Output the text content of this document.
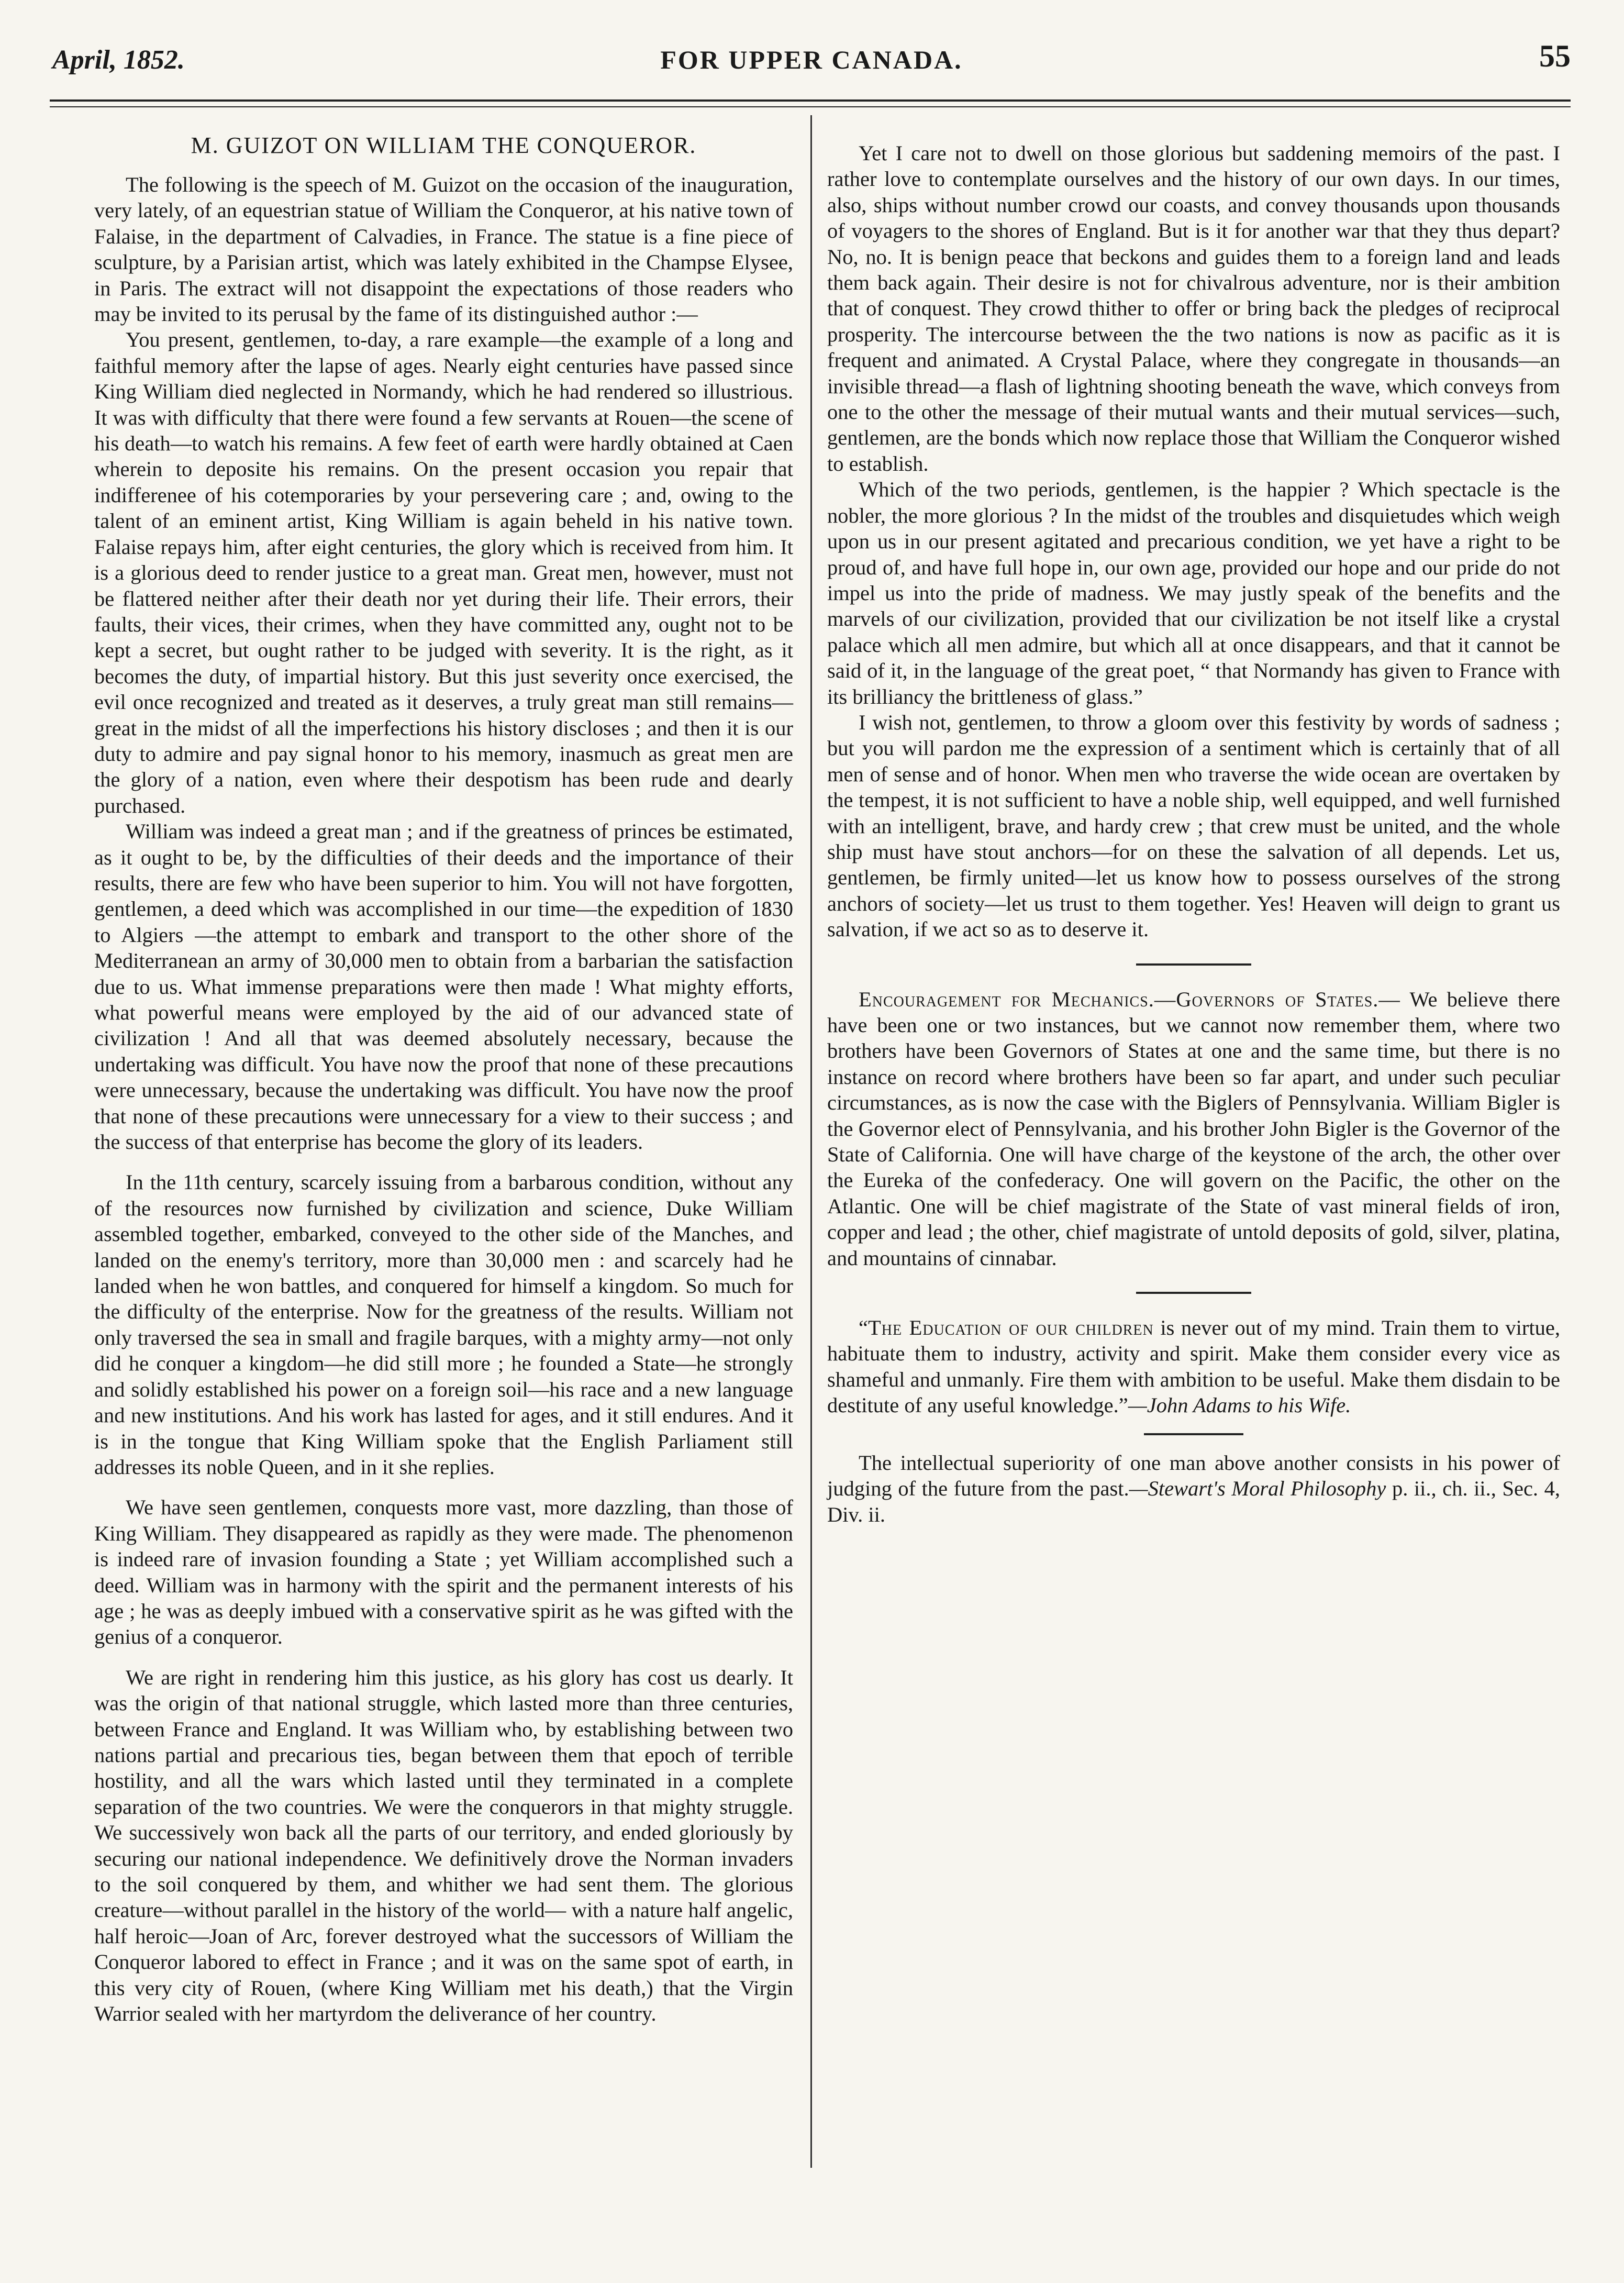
April, 1852.	FOR UPPER CANADA.	55
M. GUIZOT ON WILLIAM THE CONQUEROR.

The following is the speech of M. Guizot on the occasion of the inauguration, very lately, of an equestrian statue of William the Conqueror, at his native town of Falaise, in the department of Calvadies, in France. The statue is a fine piece of sculpture, by a Parisian artist, which was lately exhibited in the Champse Elysee, in Paris. The extract will not disappoint the expectations of those readers who may be invited to its perusal by the fame of its distinguished author :—

You present, gentlemen, to-day, a rare example—the example of a long and faithful memory after the lapse of ages. Nearly eight centuries have passed since King William died neglected in Normandy, which he had rendered so illustrious. It was with difficulty that there were found a few servants at Rouen—the scene of his death—to watch his remains. A few feet of earth were hardly obtained at Caen wherein to deposite his remains. On the present occasion you repair that indifferenee of his cotemporaries by your persevering care ; and, owing to the talent of an eminent artist, King William is again beheld in his native town. Falaise repays him, after eight centuries, the glory which is received from him. It is a glorious deed to render justice to a great man. Great men, however, must not be flattered neither after their death nor yet during their life. Their errors, their faults, their vices, their crimes, when they have committed any, ought not to be kept a secret, but ought rather to be judged with severity. It is the right, as it becomes the duty, of impartial history. But this just severity once exercised, the evil once recognized and treated as it deserves, a truly great man still remains—great in the midst of all the imperfections his history discloses ; and then it is our duty to admire and pay signal honor to his memory, inasmuch as great men are the glory of a nation, even where their despotism has been rude and dearly purchased.

William was indeed a great man ; and if the greatness of princes be estimated, as it ought to be, by the difficulties of their deeds and the importance of their results, there are few who have been superior to him. You will not have forgotten, gentlemen, a deed which was accomplished in our time—the expedition of 1830 to Algiers —the attempt to embark and transport to the other shore of the Mediterranean an army of 30,000 men to obtain from a barbarian the satisfaction due to us. What immense preparations were then made ! What mighty efforts, what powerful means were employed by the aid of our advanced state of civilization ! And all that was deemed absolutely necessary, because the undertaking was difficult. You have now the proof that none of these precautions were unnecessary, because the undertaking was difficult. You have now the proof that none of these precautions were unnecessary for a view to their success ; and the success of that enterprise has become the glory of its leaders.

In the 11th century, scarcely issuing from a barbarous condition, without any of the resources now furnished by civilization and science, Duke William assembled together, embarked, conveyed to the other side of the Manches, and landed on the enemy's territory, more than 30,000 men : and scarcely had he landed when he won battles, and conquered for himself a kingdom. So much for the difficulty of the enterprise. Now for the greatness of the results. William not only traversed the sea in small and fragile barques, with a mighty army—not only did he conquer a kingdom—he did still more ; he founded a State—he strongly and solidly established his power on a foreign soil—his race and a new language and new institutions. And his work has lasted for ages, and it still endures. And it is in the tongue that King William spoke that the English Parliament still addresses its noble Queen, and in it she replies.

We have seen gentlemen, conquests more vast, more dazzling, than those of King William. They disappeared as rapidly as they were made. The phenomenon is indeed rare of invasion founding a State ; yet William accomplished such a deed. William was in harmony with the spirit and the permanent interests of his age ; he was as deeply imbued with a conservative spirit as he was gifted with the genius of a conqueror.

We are right in rendering him this justice, as his glory has cost us dearly. It was the origin of that national struggle, which lasted more than three centuries, between France and England. It was William who, by establishing between two nations partial and precarious ties, began between them that epoch of terrible hostility, and all the wars which lasted until they terminated in a complete separation of the two countries. We were the conquerors in that mighty struggle. We successively won back all the parts of our territory, and ended gloriously by securing our national independence. We definitively drove the Norman invaders to the soil conquered by them, and whither we had sent them. The glorious creature—without parallel in the history of the world— with a nature half angelic, half heroic—Joan of Arc, forever destroyed what the successors of William the Conqueror labored to effect in France ; and it was on the same spot of earth, in this very city of Rouen, (where King William met his death,) that the Virgin Warrior sealed with her martyrdom the deliverance of her country.

Yet I care not to dwell on those glorious but saddening memoirs of the past. I rather love to contemplate ourselves and the history of our own days. In our times, also, ships without number crowd our coasts, and convey thousands upon thousands of voyagers to the shores of England. But is it for another war that they thus depart? No, no. It is benign peace that beckons and guides them to a foreign land and leads them back again. Their desire is not for chivalrous adventure, nor is their ambition that of conquest. They crowd thither to offer or bring back the pledges of reciprocal prosperity. The intercourse between the the two nations is now as pacific as it is frequent and animated. A Crystal Palace, where they congregate in thousands—an invisible thread—a flash of lightning shooting beneath the wave, which conveys from one to the other the message of their mutual wants and their mutual services—such, gentlemen, are the bonds which now replace those that William the Conqueror wished to establish.

Which of the two periods, gentlemen, is the happier ? Which spectacle is the nobler, the more glorious ? In the midst of the troubles and disquietudes which weigh upon us in our present agitated and precarious condition, we yet have a right to be proud of, and have full hope in, our own age, provided our hope and our pride do not impel us into the pride of madness. We may justly speak of the benefits and the marvels of our civilization, provided that our civilization be not itself like a crystal palace which all men admire, but which all at once disappears, and that it cannot be said of it, in the language of the great poet, “ that Normandy has given to France with its brilliancy the brittleness of glass.”

I wish not, gentlemen, to throw a gloom over this festivity by words of sadness ; but you will pardon me the expression of a sentiment which is certainly that of all men of sense and of honor. When men who traverse the wide ocean are overtaken by the tempest, it is not sufficient to have a noble ship, well equipped, and well furnished with an intelligent, brave, and hardy crew ; that crew must be united, and the whole ship must have stout anchors—for on these the salvation of all depends. Let us, gentlemen, be firmly united—let us know how to possess ourselves of the strong anchors of society—let us trust to them together. Yes! Heaven will deign to grant us salvation, if we act so as to deserve it.

Encouragement for Mechanics.—Governors of States.— We believe there have been one or two instances, but we cannot now remember them, where two brothers have been Governors of States at one and the same time, but there is no instance on record where brothers have been so far apart, and under such peculiar circumstances, as is now the case with the Biglers of Pennsylvania. William Bigler is the Governor elect of Pennsylvania, and his brother John Bigler is the Governor of the State of California. One will have charge of the keystone of the arch, the other over the Eureka of the confederacy. One will govern on the Pacific, the other on the Atlantic. One will be chief magistrate of the State of vast mineral fields of iron, copper and lead ; the other, chief magistrate of untold deposits of gold, silver, platina, and mountains of cinnabar.

“The Education of our children is never out of my mind. Train them to virtue, habituate them to industry, activity and spirit. Make them consider every vice as shameful and unmanly. Fire them with ambition to be useful. Make them disdain to be destitute of any useful knowledge.”—John Adams to his Wife.

The intellectual superiority of one man above another consists in his power of judging of the future from the past.—Stewart's Moral Philosophy p. ii., ch. ii., Sec. 4, Div. ii.
